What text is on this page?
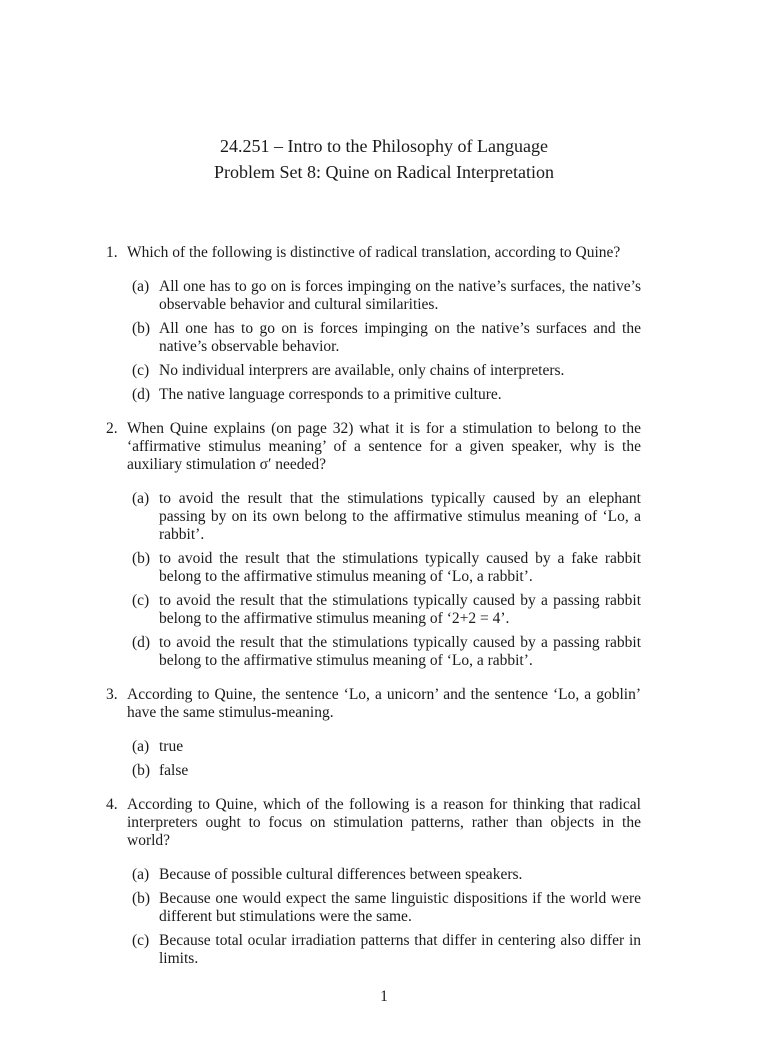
24.251 – Intro to the Philosophy of Language
Problem Set 8: Quine on Radical Interpretation
1. Which of the following is distinctive of radical translation, according to Quine?
(a) All one has to go on is forces impinging on the native’s surfaces, the native’s observable behavior and cultural similarities.
(b) All one has to go on is forces impinging on the native’s surfaces and the native’s observable behavior.
(c) No individual interprers are available, only chains of interpreters.
(d) The native language corresponds to a primitive culture.
2. When Quine explains (on page 32) what it is for a stimulation to belong to the ‘affirmative stimulus meaning’ of a sentence for a given speaker, why is the auxiliary stimulation σ′ needed?
(a) to avoid the result that the stimulations typically caused by an elephant passing by on its own belong to the affirmative stimulus meaning of ‘Lo, a rabbit’.
(b) to avoid the result that the stimulations typically caused by a fake rabbit belong to the affirmative stimulus meaning of ‘Lo, a rabbit’.
(c) to avoid the result that the stimulations typically caused by a passing rabbit belong to the affirmative stimulus meaning of ‘2+2 = 4’.
(d) to avoid the result that the stimulations typically caused by a passing rabbit belong to the affirmative stimulus meaning of ‘Lo, a rabbit’.
3. According to Quine, the sentence ‘Lo, a unicorn’ and the sentence ‘Lo, a goblin’ have the same stimulus-meaning.
(a) true
(b) false
4. According to Quine, which of the following is a reason for thinking that radical interpreters ought to focus on stimulation patterns, rather than objects in the world?
(a) Because of possible cultural differences between speakers.
(b) Because one would expect the same linguistic dispositions if the world were different but stimulations were the same.
(c) Because total ocular irradiation patterns that differ in centering also differ in limits.
1
